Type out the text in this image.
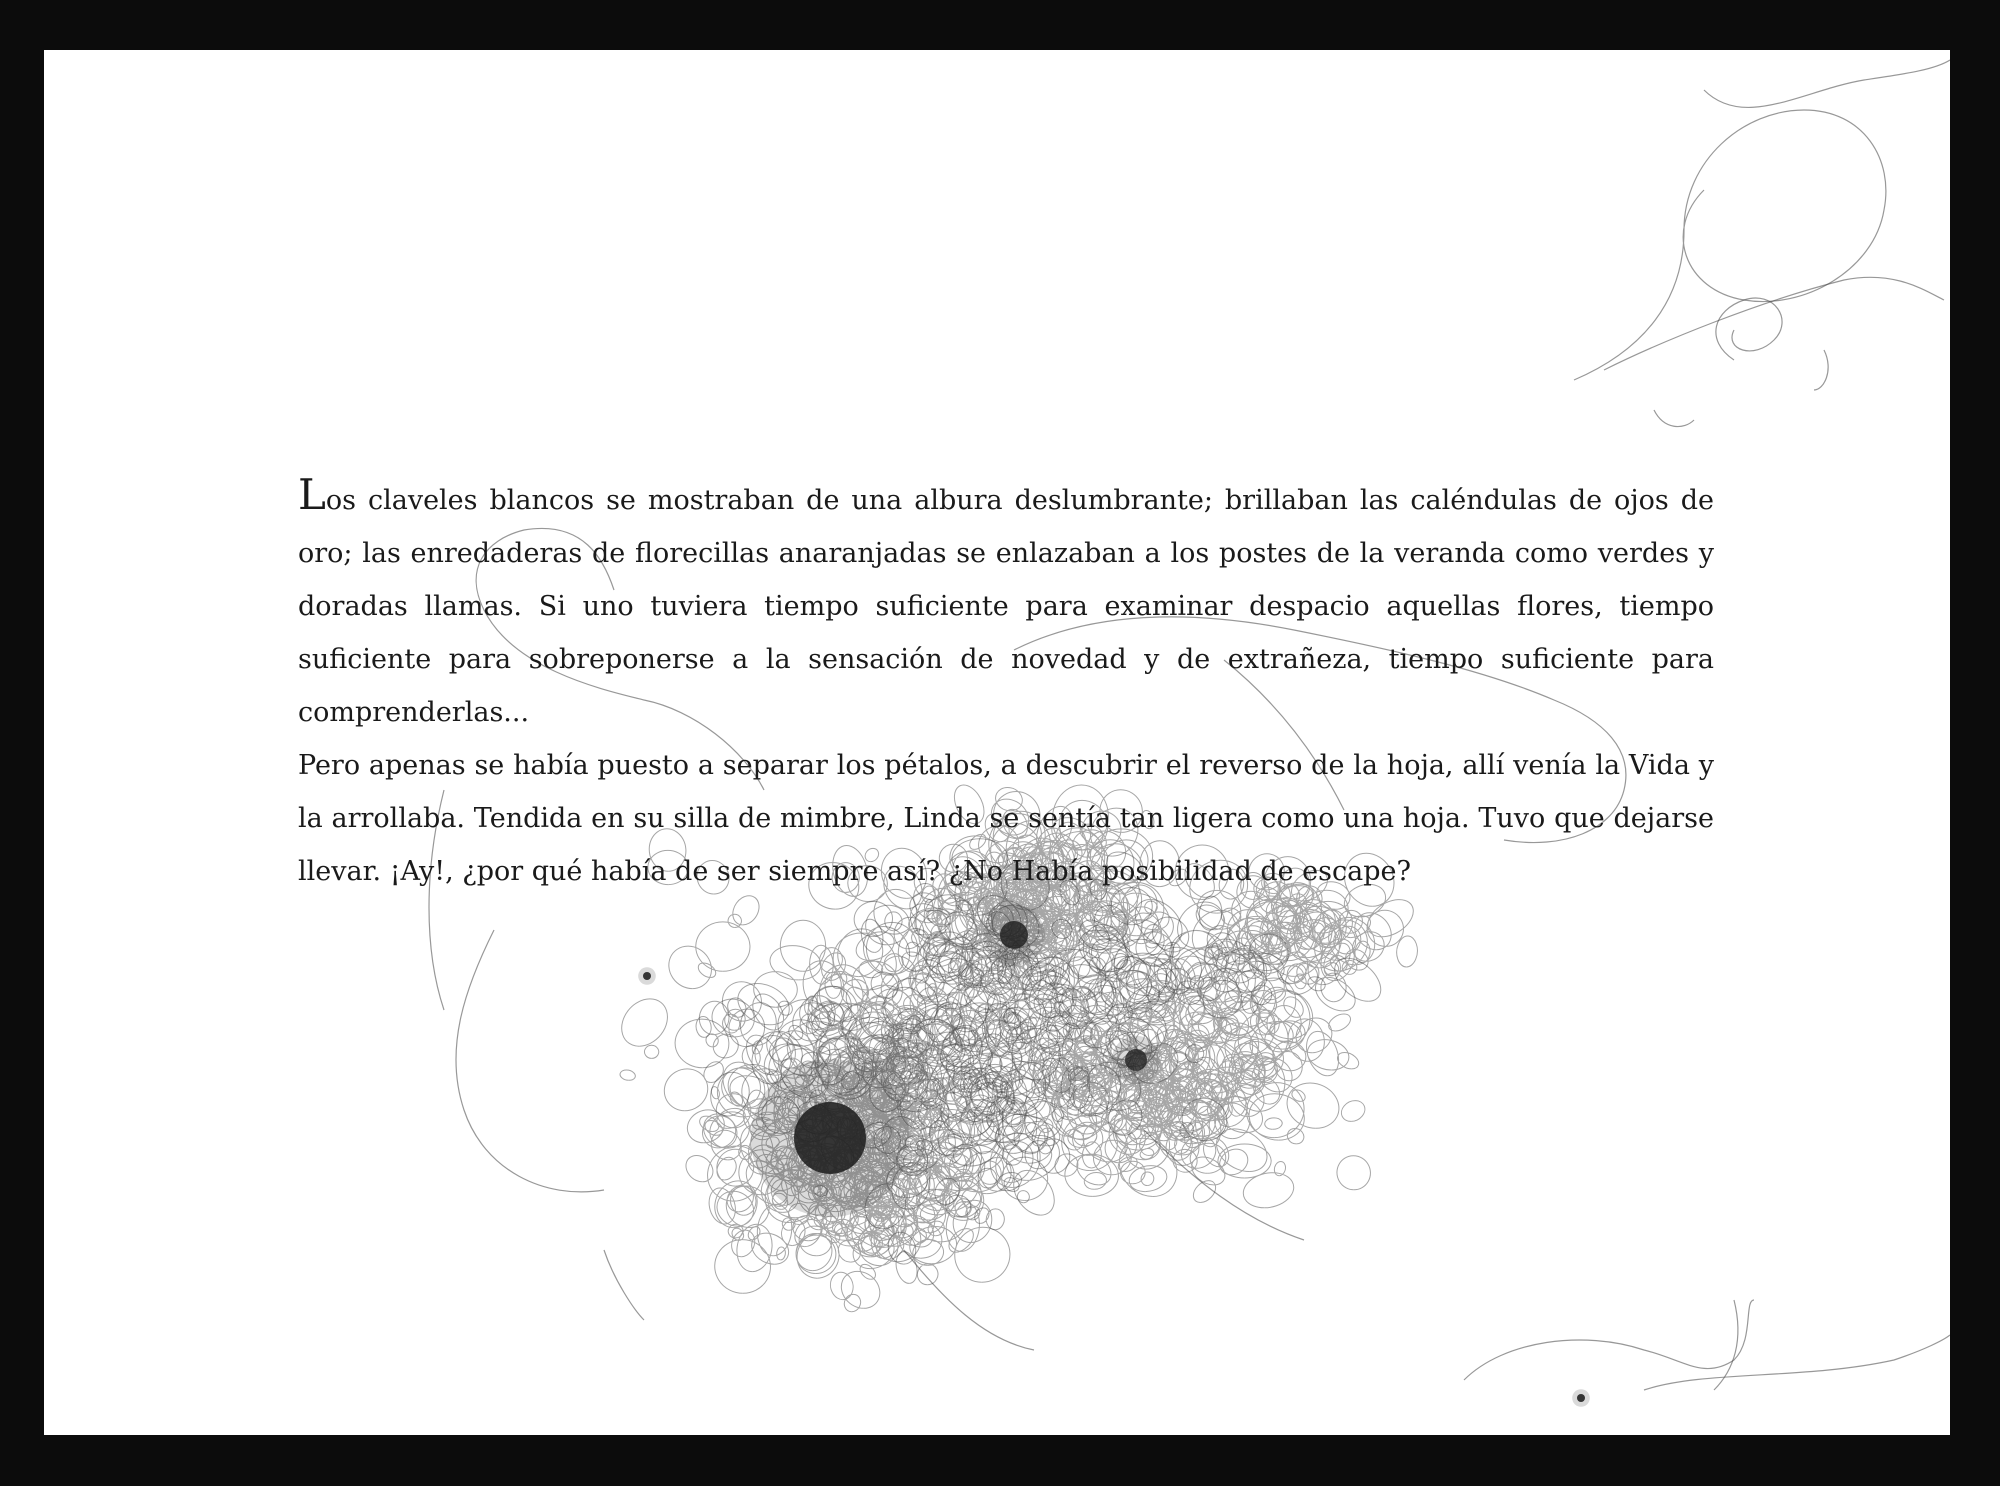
Los claveles blancos se mostraban de una albura deslumbrante; brillaban las caléndulas de ojos de oro; las enredaderas de florecillas anaranjadas se enlazaban a los postes de la veranda como verdes y doradas llamas. Si uno tuviera tiempo suficiente para examinar despacio aquellas flores, tiempo suficiente para sobreponerse a la sensación de novedad y de extrañeza, tiempo suficiente para comprenderlas...

Pero apenas se había puesto a separar los pétalos, a descubrir el reverso de la hoja, allí venía la Vida y la arrollaba. Tendida en su silla de mimbre, Linda se sentía tan ligera como una hoja. Tuvo que dejarse llevar. ¡Ay!, ¿por qué había de ser siempre así? ¿No Había posibilidad de escape?
